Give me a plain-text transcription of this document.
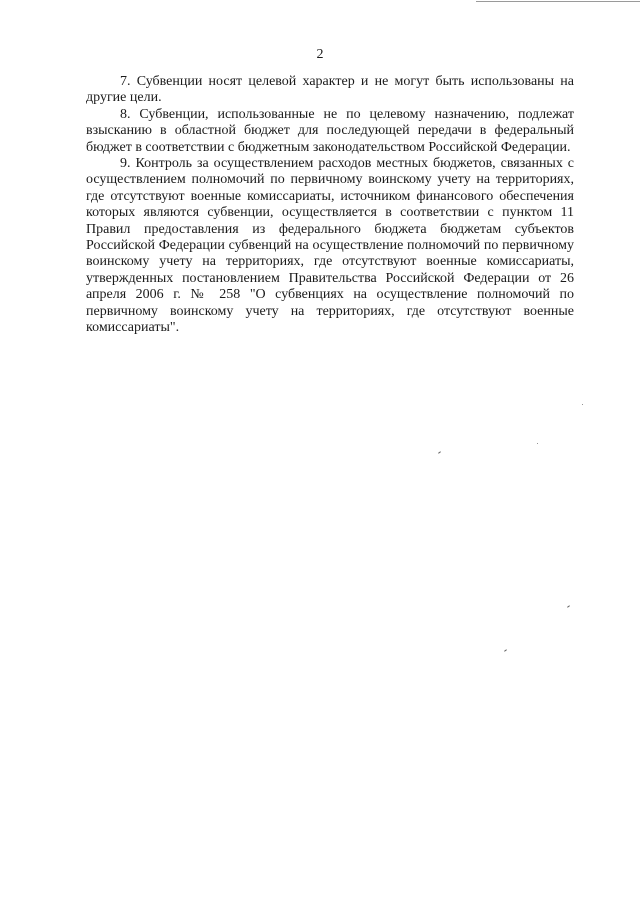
2

7. Субвенции носят целевой характер и не могут быть использованы на другие цели.

8. Субвенции, использованные не по целевому назначению, подлежат взысканию в областной бюджет для последующей передачи в федеральный бюджет в соответствии с бюджетным законодательством Российской Федерации.

9. Контроль за осуществлением расходов местных бюджетов, связанных с осуществлением полномочий по первичному воинскому учету на территориях, где отсутствуют военные комиссариаты, источником финансового обеспечения которых являются субвенции, осуществляется в соответствии с пунктом 11 Правил предоставления из федерального бюджета бюджетам субъектов Российской Федерации субвенций на осуществление полномочий по первичному воинскому учету на территориях, где отсутствуют военные комиссариаты, утвержденных постановлением Правительства Российской Федерации от 26 апреля 2006 г. № 258 "О субвенциях на осуществление полномочий по первичному воинскому учету на территориях, где отсутствуют военные комиссариаты".
